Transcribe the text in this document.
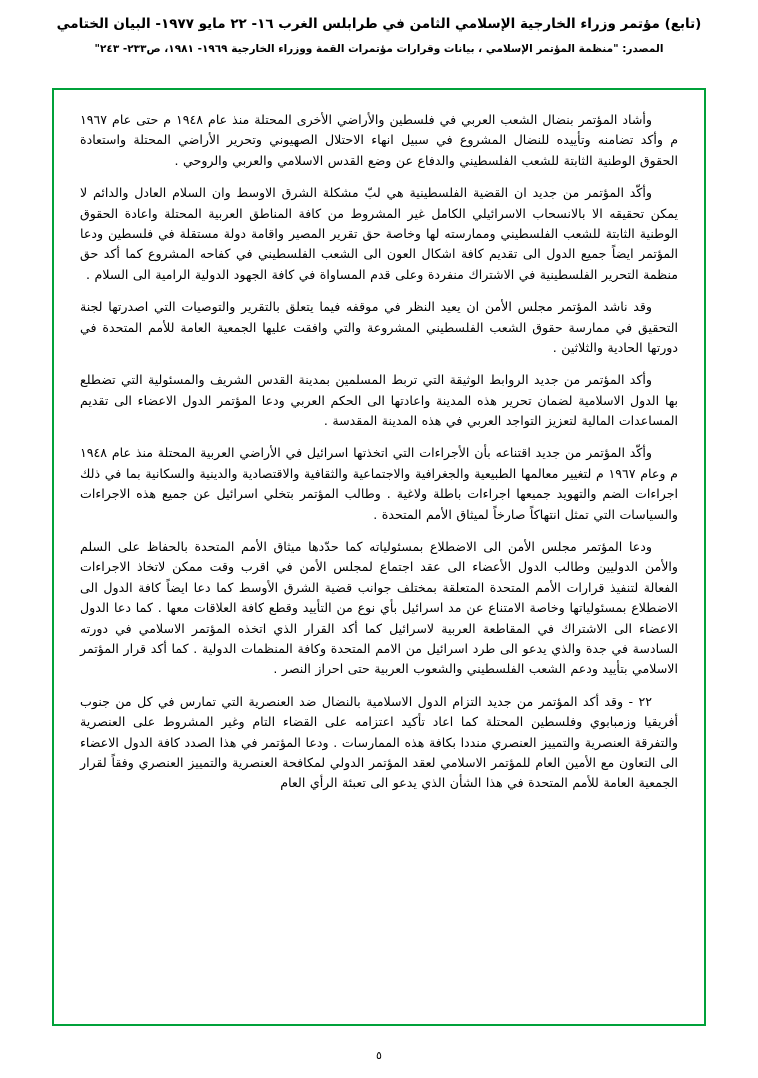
(تابع) مؤتمر وزراء الخارجية الإسلامي الثامن في طرابلس الغرب ١٦- ٢٢ مايو ١٩٧٧- البيان الختامي
المصدر: "منظمة المؤتمر الإسلامي ، بيانات وقرارات مؤتمرات القمة ووزراء الخارجية ١٩٦٩- ١٩٨١، ص٢٣٣- ٢٤٣"

وأشاد المؤتمر بنضال الشعب العربي في فلسطين والأراضي الأخرى المحتلة منذ عام ١٩٤٨ م حتى عام ١٩٦٧ م وأكد تضامنه وتأييده للنضال المشروع في سبيل انهاء الاحتلال الصهيوني وتحرير الأراضي المحتلة واستعادة الحقوق الوطنية الثابتة للشعب الفلسطيني والدفاع عن وضع القدس الاسلامي والعربي والروحي .

وأكّد المؤتمر من جديد ان القضية الفلسطينية هي لبّ مشكلة الشرق الاوسط وان السلام العادل والدائم لا يمكن تحقيقه الا بالانسحاب الاسرائيلي الكامل غير المشروط من كافة المناطق العربية المحتلة واعادة الحقوق الوطنية الثابتة للشعب الفلسطيني وممارسته لها وخاصة حق تقرير المصير واقامة دولة مستقلة في فلسطين ودعا المؤتمر ايضاً جميع الدول الى تقديم كافة اشكال العون الى الشعب الفلسطيني في كفاحه المشروع كما أكد حق منظمة التحرير الفلسطينية في الاشتراك منفردة وعلى قدم المساواة في كافة الجهود الدولية الرامية الى السلام .

وقد ناشد المؤتمر مجلس الأمن ان يعيد النظر في موقفه فيما يتعلق بالتقرير والتوصيات التي اصدرتها لجنة التحقيق في ممارسة حقوق الشعب الفلسطيني المشروعة والتي وافقت عليها الجمعية العامة للأمم المتحدة في دورتها الحادية والثلاثين .

وأكد المؤتمر من جديد الروابط الوثيقة التي تربط المسلمين بمدينة القدس الشريف والمسئولية التي تضطلع بها الدول الاسلامية لضمان تحرير هذه المدينة واعادتها الى الحكم العربي ودعا المؤتمر الدول الاعضاء الى تقديم المساعدات المالية لتعزيز التواجد العربي في هذه المدينة المقدسة .

وأكّد المؤتمر من جديد اقتناعه بأن الأجراءات التي اتخذتها اسرائيل في الأراضي العربية المحتلة منذ عام ١٩٤٨ م وعام ١٩٦٧ م لتغيير معالمها الطبيعية والجغرافية والاجتماعية والثقافية والاقتصادية والدينية والسكانية بما في ذلك اجراءات الضم والتهويد جميعها اجراءات باطلة ولاغية . وطالب المؤتمر بتخلي اسرائيل عن جميع هذه الاجراءات والسياسات التي تمثل انتهاكاً صارخاً لميثاق الأمم المتحدة .

ودعا المؤتمر مجلس الأمن الى الاضطلاع بمسئولياته كما حدّدها ميثاق الأمم المتحدة بالحفاظ على السلم والأمن الدوليين وطالب الدول الأعضاء الى عقد اجتماع لمجلس الأمن في اقرب وقت ممكن لاتخاذ الاجراءات الفعالة لتنفيذ قرارات الأمم المتحدة المتعلقة بمختلف جوانب قضية الشرق الأوسط كما دعا ايضاً كافة الدول الى الاضطلاع بمسئولياتها وخاصة الامتناع عن مد اسرائيل بأي نوع من التأييد وقطع كافة العلاقات معها . كما دعا الدول الاعضاء الى الاشتراك في المقاطعة العربية لاسرائيل كما أكد القرار الذي اتخذه المؤتمر الاسلامي في دورته السادسة في جدة والذي يدعو الى طرد اسرائيل من الامم المتحدة وكافة المنظمات الدولية . كما أكد قرار المؤتمر الاسلامي بتأييد ودعم الشعب الفلسطيني والشعوب العربية حتى احراز النصر .

٢٢ - وقد أكد المؤتمر من جديد التزام الدول الاسلامية بالنضال ضد العنصرية التي تمارس في كل من جنوب أفريقيا وزمبابوي وفلسطين المحتلة كما اعاد تأكيد اعتزامه على القضاء التام وغير المشروط على العنصرية والتفرقة العنصرية والتمييز العنصري منددا بكافة هذه الممارسات . ودعا المؤتمر في هذا الصدد كافة الدول الاعضاء الى التعاون مع الأمين العام للمؤتمر الاسلامي لعقد المؤتمر الدولي لمكافحة العنصرية والتمييز العنصري وفقاً لقرار الجمعية العامة للأمم المتحدة في هذا الشأن الذي يدعو الى تعبئة الرأي العام

٥
